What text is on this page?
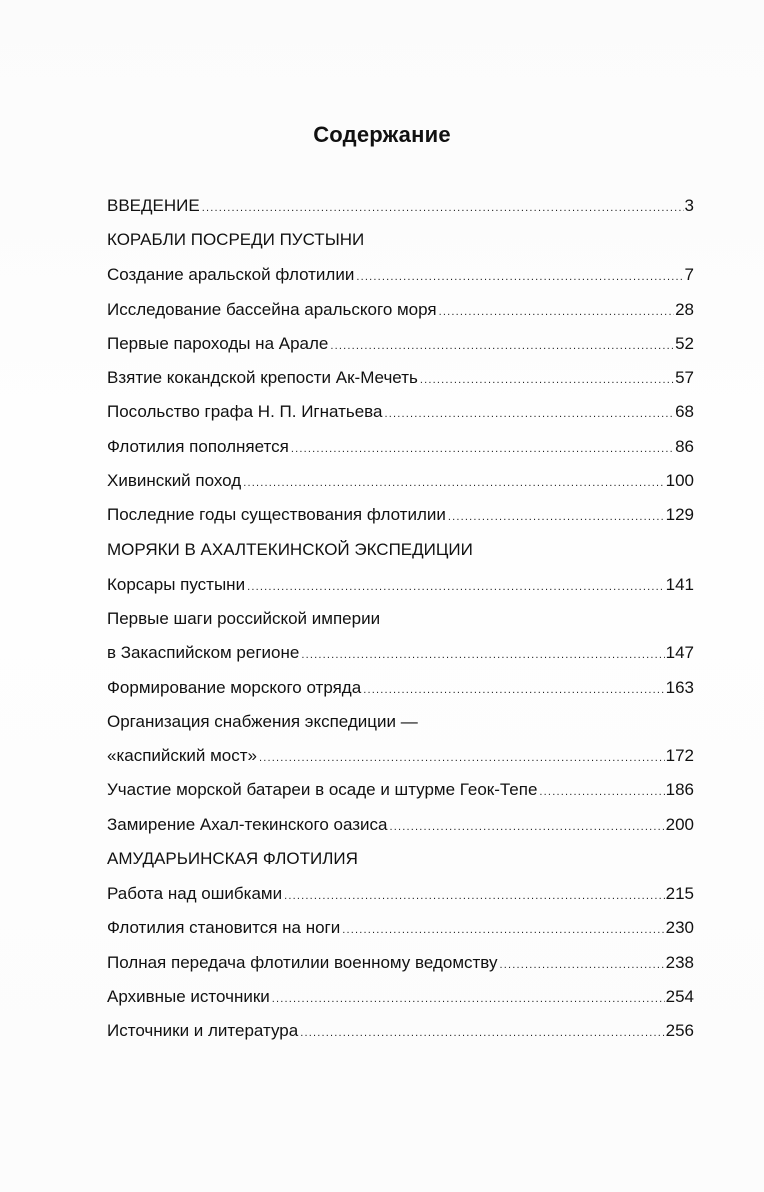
Содержание
ВВЕДЕНИЕ .....	3
КОРАБЛИ ПОСРЕДИ ПУСТЫНИ
Создание аральской флотилии .....	7
Исследование бассейна аральского моря .....	28
Первые пароходы на Арале .....	52
Взятие кокандской крепости Ак-Мечеть .....	57
Посольство графа Н. П. Игнатьева .....	68
Флотилия пополняется .....	86
Хивинский поход .....	100
Последние годы существования флотилии .....	129
МОРЯКИ В АХАЛТЕКИНСКОЙ ЭКСПЕДИЦИИ
Корсары пустыни .....	141
Первые шаги российской империи
в Закаспийском регионе .....	147
Формирование морского отряда .....	163
Организация снабжения экспедиции —
«каспийский мост» .....	172
Участие морской батареи в осаде и штурме Геок-Тепе .....	186
Замирение Ахал-текинского оазиса .....	200
АМУДАРЬИНСКАЯ ФЛОТИЛИЯ
Работа над ошибками .....	215
Флотилия становится на ноги .....	230
Полная передача флотилии военному ведомству .....	238
Архивные источники .....	254
Источники и литература .....	256
